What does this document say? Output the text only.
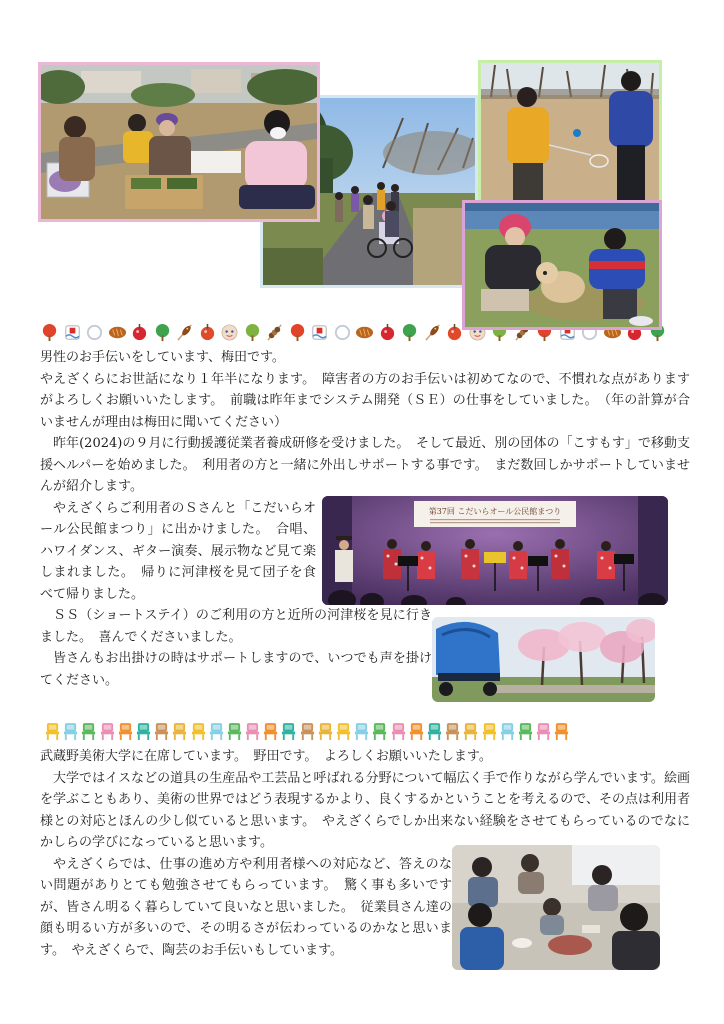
男性のお手伝いをしています、梅田です。

やえざくらにお世話になり１年半になります。　障害者の方のお手伝いは初めてなので、不慣れな点がありますがよろしくお願いいたします。　前職は昨年までシステム開発（ＳＥ）の仕事をしていました。　（年の計算が合いませんが理由は梅田に聞いてください）

昨年(2024)の９月に行動援護従業者養成研修を受けました。　そして最近、別の団体の「こすもす」で移動支援ヘルパーを始めました。　利用者の方と一緒に外出しサポートする事です。　まだ数回しかサポートしていませんが紹介します。

第37回 こだいらオール公民館まつり

やえざくらご利用者のＳさんと「こだいらオール公民館まつり」に出かけました。　合唱、ハワイダンス、ギター演奏、展示物など見て楽しまれました。　帰りに河津桜を見て団子を食べて帰りました。

ＳＳ（ショートステイ）のご利用の方と近所の河津桜を見に行きました。　喜んでくださいました。

皆さんもお出掛けの時はサポートしますので、いつでも声を掛けてください。

武蔵野美術大学に在席しています。　野田です。　よろしくお願いいたします。

大学ではイスなどの道具の生産品や工芸品と呼ばれる分野について幅広く手で作りながら学んでいます。絵画を学ぶこともあり、美術の世界ではどう表現するかより、良くするかということを考えるので、その点は利用者様との対応とほんの少し似ていると思います。　やえざくらでしか出来ない経験をさせてもらっているのでなにかしらの学びになっていると思います。

やえざくらでは、仕事の進め方や利用者様への対応など、答えのない問題がありとても勉強させてもらっています。　驚く事も多いですが、皆さん明るく暮らしていて良いなと思いました。　従業員さん達の顔も明るい方が多いので、その明るさが伝わっているのかなと思います。　やえざくらで、陶芸のお手伝いもしています。
